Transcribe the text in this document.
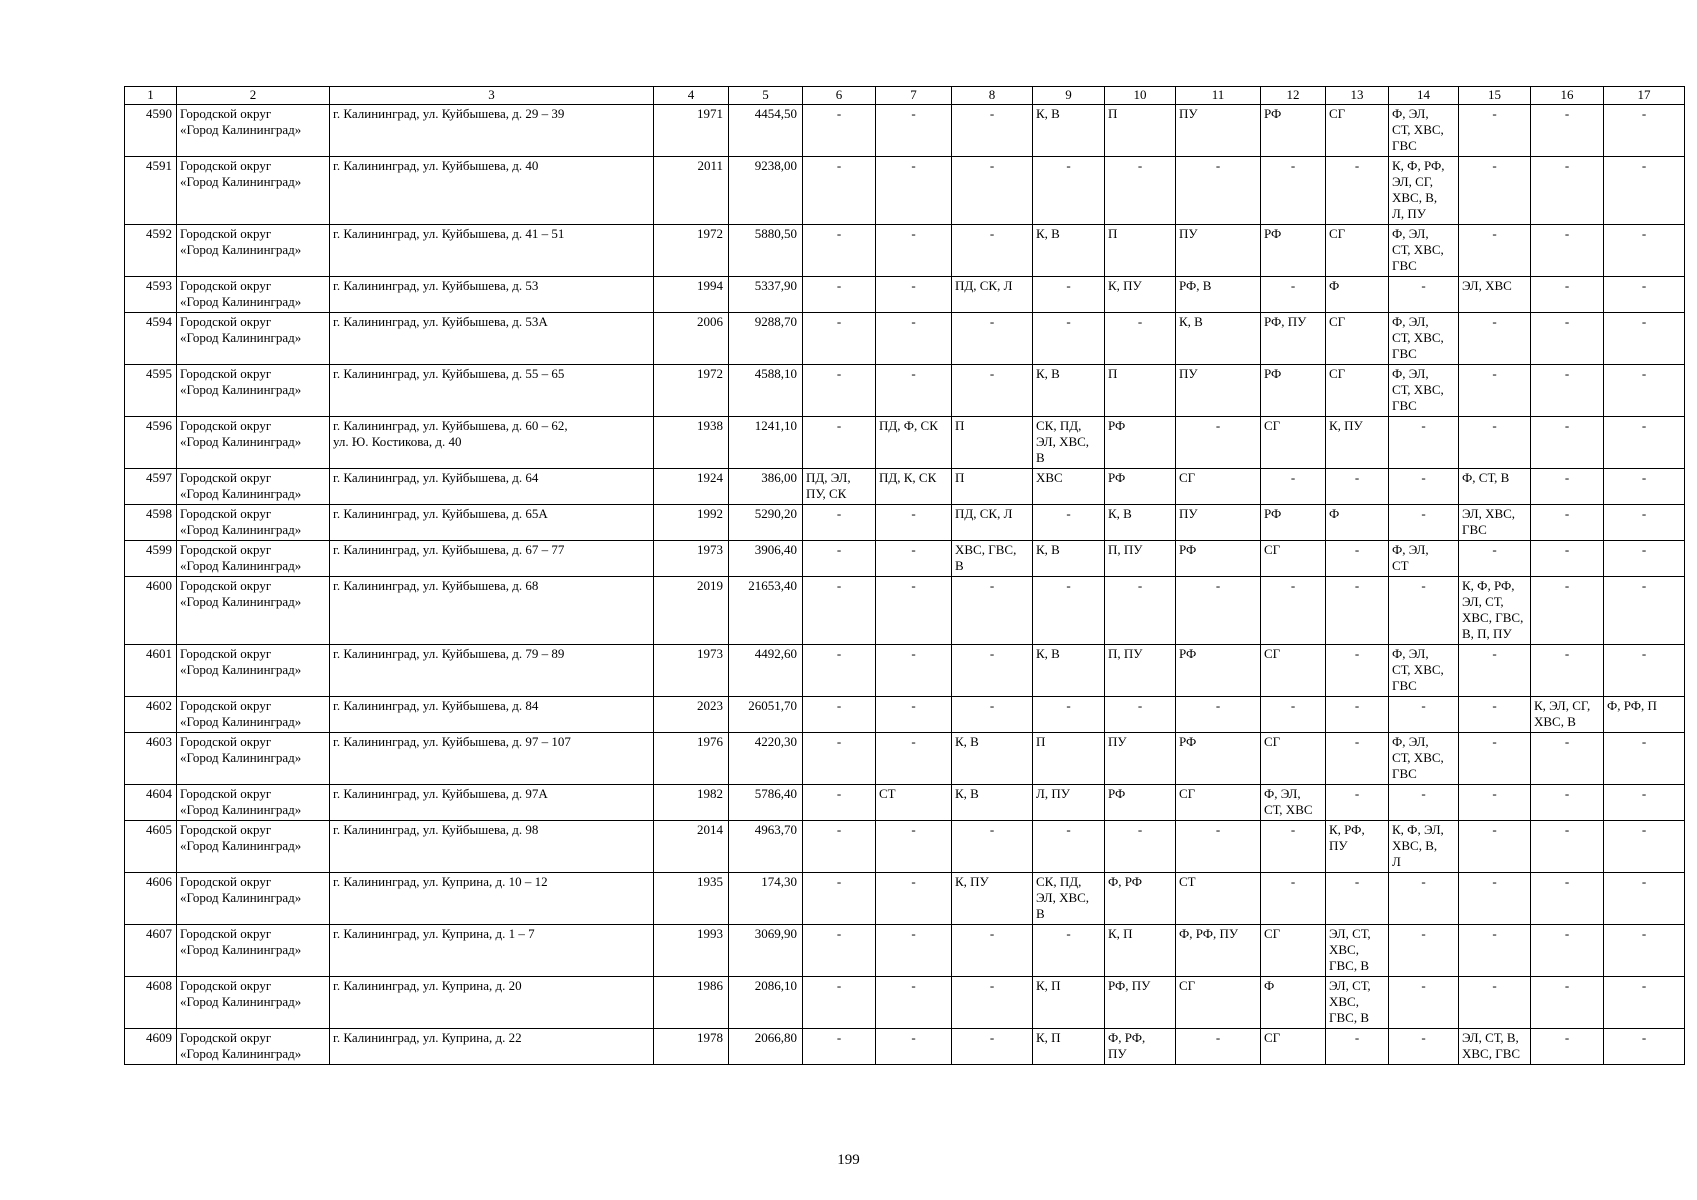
1	2	3	4	5	6	7	8	9	10	11	12	13	14	15	16	17
4590	Городской округ
«Город Калининград»	г. Калининград, ул. Куйбышева, д. 29 – 39	1971	4454,50	-	-	-	К, В	П	ПУ	РФ	СГ	Ф, ЭЛ,
СТ, ХВС,
ГВС	-	-	-
4591	Городской округ
«Город Калининград»	г. Калининград, ул. Куйбышева, д. 40	2011	9238,00	-	-	-	-	-	-	-	-	К, Ф, РФ,
ЭЛ, СГ,
ХВС, В,
Л, ПУ	-	-	-
4592	Городской округ
«Город Калининград»	г. Калининград, ул. Куйбышева, д. 41 – 51	1972	5880,50	-	-	-	К, В	П	ПУ	РФ	СГ	Ф, ЭЛ,
СТ, ХВС,
ГВС	-	-	-
4593	Городской округ
«Город Калининград»	г. Калининград, ул. Куйбышева, д. 53	1994	5337,90	-	-	ПД, СК, Л	-	К, ПУ	РФ, В	-	Ф	-	ЭЛ, ХВС	-	-
4594	Городской округ
«Город Калининград»	г. Калининград, ул. Куйбышева, д. 53А	2006	9288,70	-	-	-	-	-	К, В	РФ, ПУ	СГ	Ф, ЭЛ,
СТ, ХВС,
ГВС	-	-	-
4595	Городской округ
«Город Калининград»	г. Калининград, ул. Куйбышева, д. 55 – 65	1972	4588,10	-	-	-	К, В	П	ПУ	РФ	СГ	Ф, ЭЛ,
СТ, ХВС,
ГВС	-	-	-
4596	Городской округ
«Город Калининград»	г. Калининград, ул. Куйбышева, д. 60 – 62,
ул. Ю. Костикова, д. 40	1938	1241,10	-	ПД, Ф, СК	П	СК, ПД,
ЭЛ, ХВС,
В	РФ	-	СГ	К, ПУ	-	-	-	-
4597	Городской округ
«Город Калининград»	г. Калининград, ул. Куйбышева, д. 64	1924	386,00	ПД, ЭЛ,
ПУ, СК	ПД, К, СК	П	ХВС	РФ	СГ	-	-	-	Ф, СТ, В	-	-
4598	Городской округ
«Город Калининград»	г. Калининград, ул. Куйбышева, д. 65А	1992	5290,20	-	-	ПД, СК, Л	-	К, В	ПУ	РФ	Ф	-	ЭЛ, ХВС,
ГВС	-	-
4599	Городской округ
«Город Калининград»	г. Калининград, ул. Куйбышева, д. 67 – 77	1973	3906,40	-	-	ХВС, ГВС,
В	К, В	П, ПУ	РФ	СГ	-	Ф, ЭЛ,
СТ	-	-	-
4600	Городской округ
«Город Калининград»	г. Калининград, ул. Куйбышева, д. 68	2019	21653,40	-	-	-	-	-	-	-	-	-	К, Ф, РФ,
ЭЛ, СТ,
ХВС, ГВС,
В, П, ПУ	-	-
4601	Городской округ
«Город Калининград»	г. Калининград, ул. Куйбышева, д. 79 – 89	1973	4492,60	-	-	-	К, В	П, ПУ	РФ	СГ	-	Ф, ЭЛ,
СТ, ХВС,
ГВС	-	-	-
4602	Городской округ
«Город Калининград»	г. Калининград, ул. Куйбышева, д. 84	2023	26051,70	-	-	-	-	-	-	-	-	-	-	К, ЭЛ, СГ,
ХВС, В	Ф, РФ, П
4603	Городской округ
«Город Калининград»	г. Калининград, ул. Куйбышева, д. 97 – 107	1976	4220,30	-	-	К, В	П	ПУ	РФ	СГ	-	Ф, ЭЛ,
СТ, ХВС,
ГВС	-	-	-
4604	Городской округ
«Город Калининград»	г. Калининград, ул. Куйбышева, д. 97А	1982	5786,40	-	СТ	К, В	Л, ПУ	РФ	СГ	Ф, ЭЛ,
СТ, ХВС	-	-	-	-	-
4605	Городской округ
«Город Калининград»	г. Калининград, ул. Куйбышева, д. 98	2014	4963,70	-	-	-	-	-	-	-	К, РФ,
ПУ	К, Ф, ЭЛ,
ХВС, В,
Л	-	-	-
4606	Городской округ
«Город Калининград»	г. Калининград, ул. Куприна, д. 10 – 12	1935	174,30	-	-	К, ПУ	СК, ПД,
ЭЛ, ХВС,
В	Ф, РФ	СТ	-	-	-	-	-	-
4607	Городской округ
«Город Калининград»	г. Калининград, ул. Куприна, д. 1 – 7	1993	3069,90	-	-	-	-	К, П	Ф, РФ, ПУ	СГ	ЭЛ, СТ,
ХВС,
ГВС, В	-	-	-	-
4608	Городской округ
«Город Калининград»	г. Калининград, ул. Куприна, д. 20	1986	2086,10	-	-	-	К, П	РФ, ПУ	СГ	Ф	ЭЛ, СТ,
ХВС,
ГВС, В	-	-	-	-
4609	Городской округ
«Город Калининград»	г. Калининград, ул. Куприна, д. 22	1978	2066,80	-	-	-	К, П	Ф, РФ,
ПУ	-	СГ	-	-	ЭЛ, СТ, В,
ХВС, ГВС	-	-
199
